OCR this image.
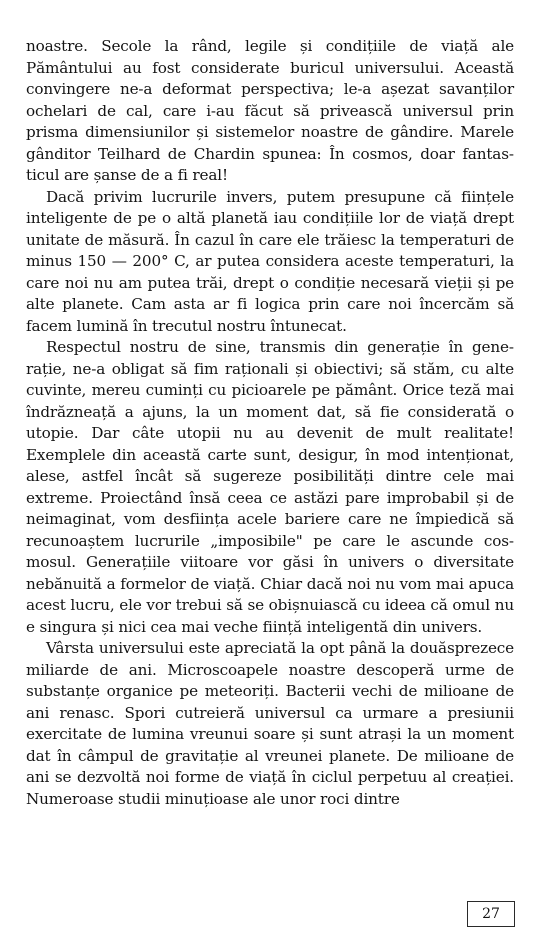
noastre. Secole la rând, legile și condițiile de viață ale Pământului au fost considerate buricul universului. Această convingere ne-a deformat perspectiva; le-a așezat savanților ochelari de cal, care i-au făcut să privească universul prin prisma dimensiunilor și sistemelor noastre de gândire. Marele gânditor Teilhard de Chardin spunea: În cosmos, doar fantasticul are șanse de a fi real!

Dacă privim lucrurile invers, putem presupune că ființele inteligente de pe o altă planetă iau condițiile lor de viață drept unitate de măsură. În cazul în care ele trăiesc la temperaturi de minus 150 — 200° C, ar putea considera aceste temperaturi, la care noi nu am putea trăi, drept o condiție necesară vieții și pe alte planete. Cam asta ar fi logica prin care noi încercăm să facem lumină în trecutul nostru întunecat.

Respectul nostru de sine, transmis din generație în generație, ne-a obligat să fim raționali și obiectivi; să stăm, cu alte cuvinte, mereu cuminți cu picioarele pe pământ. Orice teză mai îndrăzneață a ajuns, la un moment dat, să fie considerată o utopie. Dar câte utopii nu au devenit de mult realitate! Exemplele din această carte sunt, desigur, în mod intenționat, alese, astfel încât să sugereze posibilități dintre cele mai extreme. Proiectând însă ceea ce astăzi pare improbabil și de neimaginat, vom desființa acele bariere care ne împiedică să recunoaștem lucrurile „imposibile" pe care le ascunde cosmosul. Generațiile viitoare vor găsi în univers o diversitate nebănuită a formelor de viață. Chiar dacă noi nu vom mai apuca acest lucru, ele vor trebui să se obișnuiască cu ideea că omul nu e singura și nici cea mai veche ființă inteligentă din univers.

Vârsta universului este apreciată la opt până la douăsprezece miliarde de ani. Microscoapele noastre descoperă urme de substanțe organice pe meteoriți. Bacterii vechi de milioane de ani renasc. Spori cutreieră universul ca urmare a presiunii exercitate de lumina vreunui soare și sunt atrași la un moment dat în câmpul de gravitație al vreunei planete. De milioane de ani se dezvoltă noi forme de viață în ciclul perpetuu al creației. Numeroase studii minuțioase ale unor roci dintre

27
